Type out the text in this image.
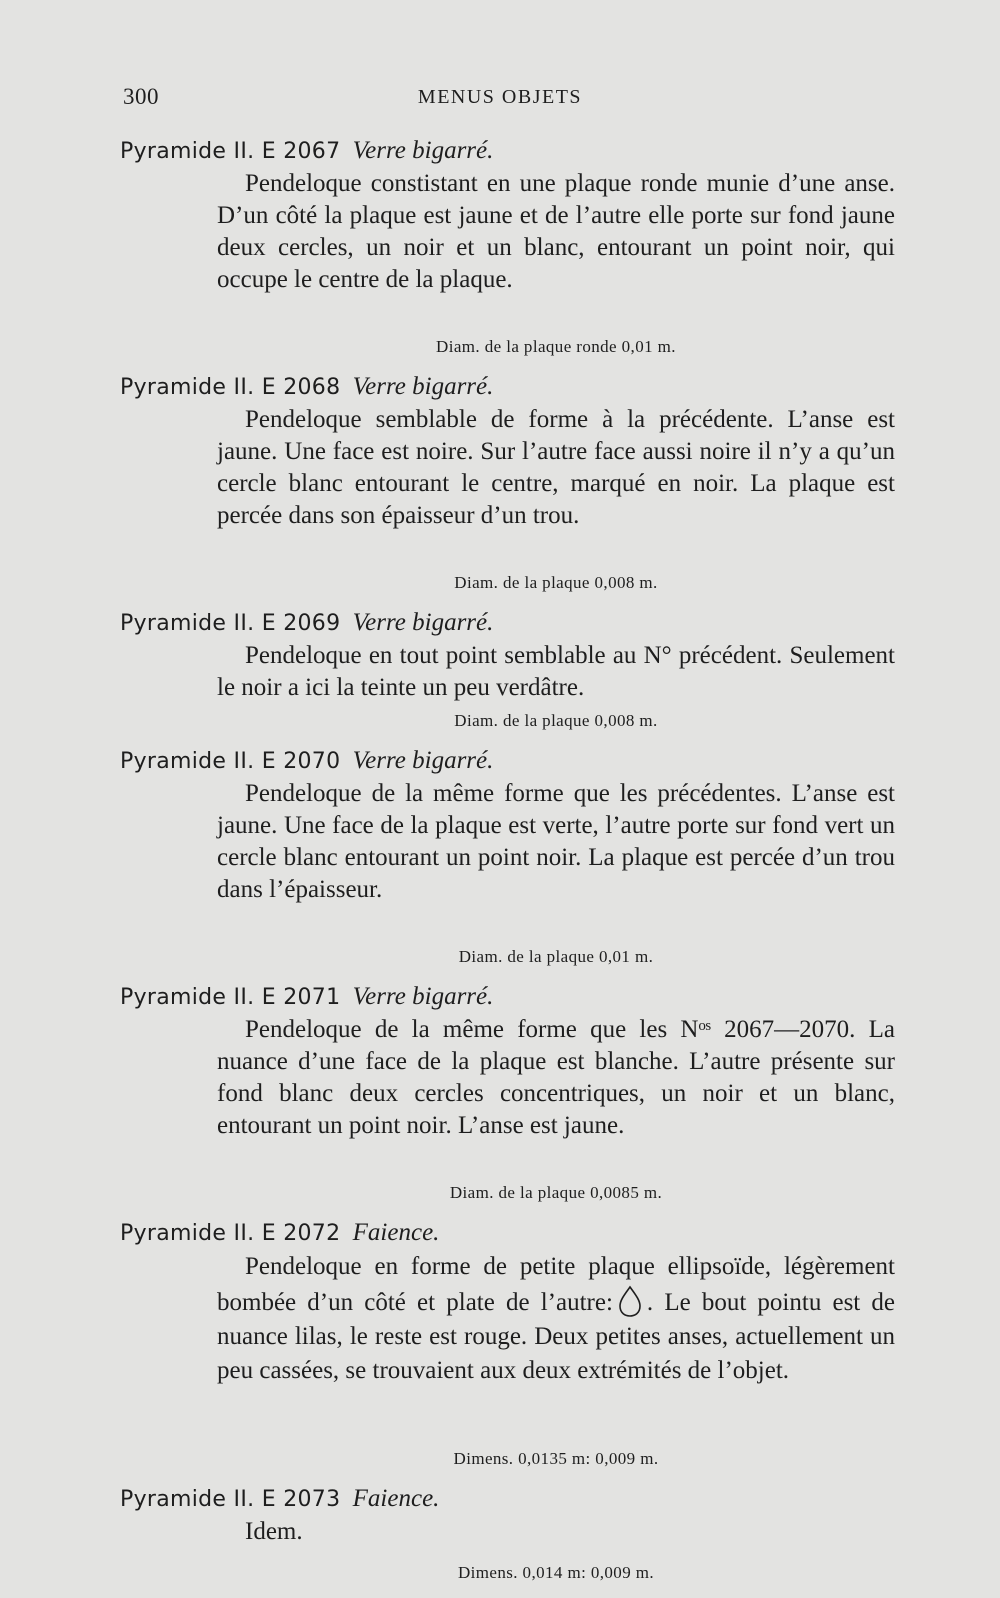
300	MENUS OBJETS
Pyramide II. E 2067 Verre bigarré.

Pendeloque constistant en une plaque ronde munie d’une anse. D’un côté la plaque est jaune et de l’autre elle porte sur fond jaune deux cercles, un noir et un blanc, entourant un point noir, qui occupe le centre de la plaque.

Diam. de la plaque ronde 0,01 m.
Pyramide II. E 2068 Verre bigarré.

Pendeloque semblable de forme à la précédente. L’anse est jaune. Une face est noire. Sur l’autre face aussi noire il n’y a qu’un cercle blanc entourant le centre, marqué en noir. La plaque est percée dans son épaisseur d’un trou.

Diam. de la plaque 0,008 m.
Pyramide II. E 2069 Verre bigarré.

Pendeloque en tout point semblable au N° précédent. Seulement le noir a ici la teinte un peu verdâtre.

Diam. de la plaque 0,008 m.
Pyramide II. E 2070 Verre bigarré.

Pendeloque de la même forme que les précédentes. L’anse est jaune. Une face de la plaque est verte, l’autre porte sur fond vert un cercle blanc entourant un point noir. La plaque est percée d’un trou dans l’épaisseur.

Diam. de la plaque 0,01 m.
Pyramide II. E 2071 Verre bigarré.

Pendeloque de la même forme que les Nᵒˢ 2067—2070. La nuance d’une face de la plaque est blanche. L’autre présente sur fond blanc deux cercles concentriques, un noir et un blanc, entourant un point noir. L’anse est jaune.

Diam. de la plaque 0,0085 m.
Pyramide II. E 2072 Faience.

Pendeloque en forme de petite plaque ellipsoïde, légèrement bombée d’un côté et plate de l’autre: . Le bout pointu est de nuance lilas, le reste est rouge. Deux petites anses, actuellement un peu cassées, se trouvaient aux deux extrémités de l’objet.

Dimens. 0,0135 m: 0,009 m.
Pyramide II. E 2073 Faience.

Idem.

Dimens. 0,014 m: 0,009 m.
